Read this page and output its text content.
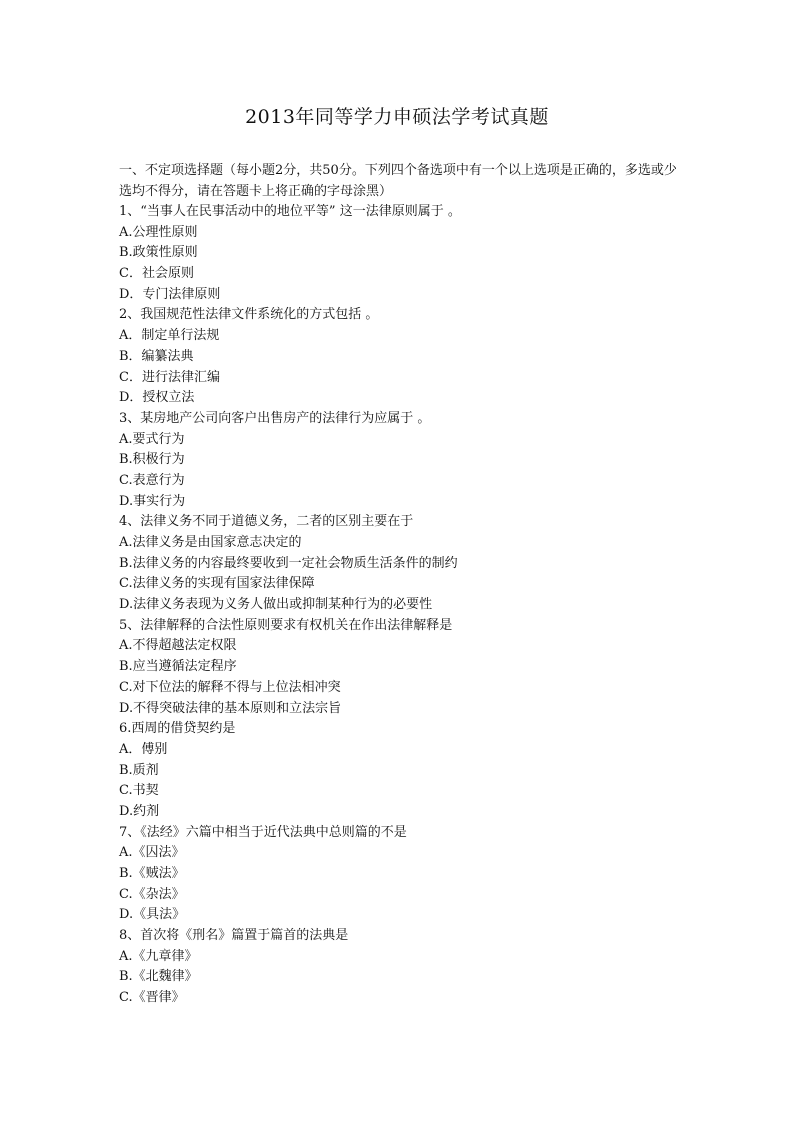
2013年同等学力申硕法学考试真题

一、不定项选择题（每小题2分，共50分。下列四个备选项中有一个以上选项是正确的，多选或少选均不得分，请在答题卡上将正确的字母涂黑）

1、“当事人在民事活动中的地位平等” 这一法律原则属于 。
A.公理性原则
B.政策性原则
C．社会原则
D．专门法律原则
2、我国规范性法律文件系统化的方式包括 。
A．制定单行法规
B．编纂法典
C．进行法律汇编
D．授权立法
3、某房地产公司向客户出售房产的法律行为应属于 。
A.要式行为
B.积极行为
C.表意行为
D.事实行为
4、法律义务不同于道德义务，二者的区别主要在于
A.法律义务是由国家意志决定的
B.法律义务的内容最终要收到一定社会物质生活条件的制约
C.法律义务的实现有国家法律保障
D.法律义务表现为义务人做出或抑制某种行为的必要性
5、法律解释的合法性原则要求有权机关在作出法律解释是
A.不得超越法定权限
B.应当遵循法定程序
C.对下位法的解释不得与上位法相冲突
D.不得突破法律的基本原则和立法宗旨
6.西周的借贷契约是
A．傅别
B.质剂
C.书契
D.约剂
7、《法经》六篇中相当于近代法典中总则篇的不是
A.《囚法》
B.《贼法》
C.《杂法》
D.《具法》
8、首次将《刑名》篇置于篇首的法典是
A.《九章律》
B.《北魏律》
C.《晋律》
